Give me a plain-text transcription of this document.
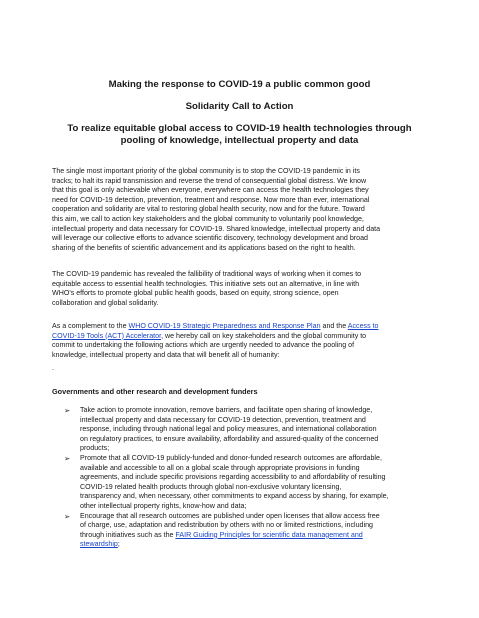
Making the response to COVID-19 a public common good
Solidarity Call to Action
To realize equitable global access to COVID-19 health technologies through
pooling of knowledge, intellectual property and data

The single most important priority of the global community is to stop the COVID-19 pandemic in its
tracks; to halt its rapid transmission and reverse the trend of consequential global distress. We know
that this goal is only achievable when everyone, everywhere can access the health technologies they
need for COVID-19 detection, prevention, treatment and response. Now more than ever, international
cooperation and solidarity are vital to restoring global health security, now and for the future. Toward
this aim, we call to action key stakeholders and the global community to voluntarily pool knowledge,
intellectual property and data necessary for COVID-19. Shared knowledge, intellectual property and data
will leverage our collective efforts to advance scientific discovery, technology development and broad
sharing of the benefits of scientific advancement and its applications based on the right to health.

The COVID-19 pandemic has revealed the fallibility of traditional ways of working when it comes to
equitable access to essential health technologies. This initiative sets out an alternative, in line with
WHO's efforts to promote global public health goods, based on equity, strong science, open
collaboration and global solidarity.

As a complement to the WHO COVID-19 Strategic Preparedness and Response Plan and the Access to
COVID-19 Tools (ACT) Accelerator, we hereby call on key stakeholders and the global community to
commit to undertaking the following actions which are urgently needed to advance the pooling of
knowledge, intellectual property and data that will benefit all of humanity:

.
Governments and other research and development funders
➢ Take action to promote innovation, remove barriers, and facilitate open sharing of knowledge,
intellectual property and data necessary for COVID-19 detection, prevention, treatment and
response, including through national legal and policy measures, and international collaboration
on regulatory practices, to ensure availability, affordability and assured-quality of the concerned
products;
➢ Promote that all COVID-19 publicly-funded and donor-funded research outcomes are affordable,
available and accessible to all on a global scale through appropriate provisions in funding
agreements, and include specific provisions regarding accessibility to and affordability of resulting
COVID-19 related health products through global non-exclusive voluntary licensing,
transparency and, when necessary, other commitments to expand access by sharing, for example,
other intellectual property rights, know-how and data;
➢ Encourage that all research outcomes are published under open licenses that allow access free
of charge, use, adaptation and redistribution by others with no or limited restrictions, including
through initiatives such as the FAIR Guiding Principles for scientific data management and
stewardship;
